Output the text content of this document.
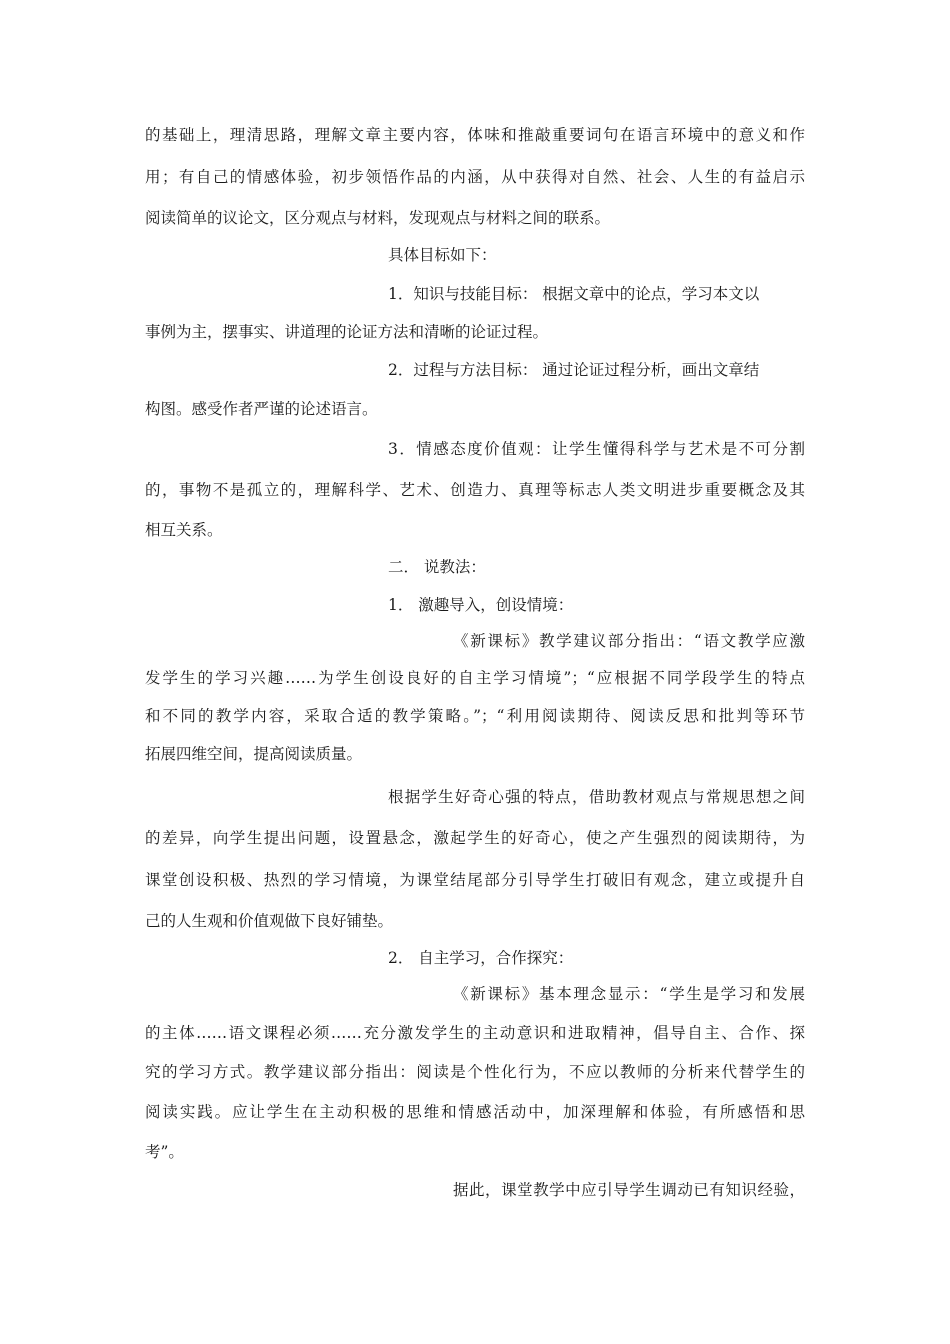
的基础上，理清思路，理解文章主要内容，体味和推敲重要词句在语言环境中的意义和作
用；有自己的情感体验，初步领悟作品的内涵，从中获得对自然、社会、人生的有益启示
阅读简单的议论文，区分观点与材料，发现观点与材料之间的联系。
具体目标如下：
1．知识与技能目标： 根据文章中的论点，学习本文以
事例为主，摆事实、讲道理的论证方法和清晰的论证过程。
2．过程与方法目标： 通过论证过程分析，画出文章结
构图。感受作者严谨的论述语言。
3．情感态度价值观：让学生懂得科学与艺术是不可分割
的，事物不是孤立的，理解科学、艺术、创造力、真理等标志人类文明进步重要概念及其
相互关系。
二． 说教法：
1． 激趣导入，创设情境：
《新课标》教学建议部分指出：“语文教学应激
发学生的学习兴趣……为学生创设良好的自主学习情境”；“应根据不同学段学生的特点
和不同的教学内容，采取合适的教学策略。”；“利用阅读期待、阅读反思和批判等环节
拓展四维空间，提高阅读质量。
根据学生好奇心强的特点，借助教材观点与常规思想之间
的差异，向学生提出问题，设置悬念，激起学生的好奇心，使之产生强烈的阅读期待，为
课堂创设积极、热烈的学习情境，为课堂结尾部分引导学生打破旧有观念，建立或提升自
己的人生观和价值观做下良好铺垫。
2． 自主学习，合作探究：
《新课标》基本理念显示：“学生是学习和发展
的主体……语文课程必须……充分激发学生的主动意识和进取精神，倡导自主、合作、探
究的学习方式。教学建议部分指出：阅读是个性化行为，不应以教师的分析来代替学生的
阅读实践。应让学生在主动积极的思维和情感活动中，加深理解和体验，有所感悟和思
考”。
据此，课堂教学中应引导学生调动已有知识经验，
